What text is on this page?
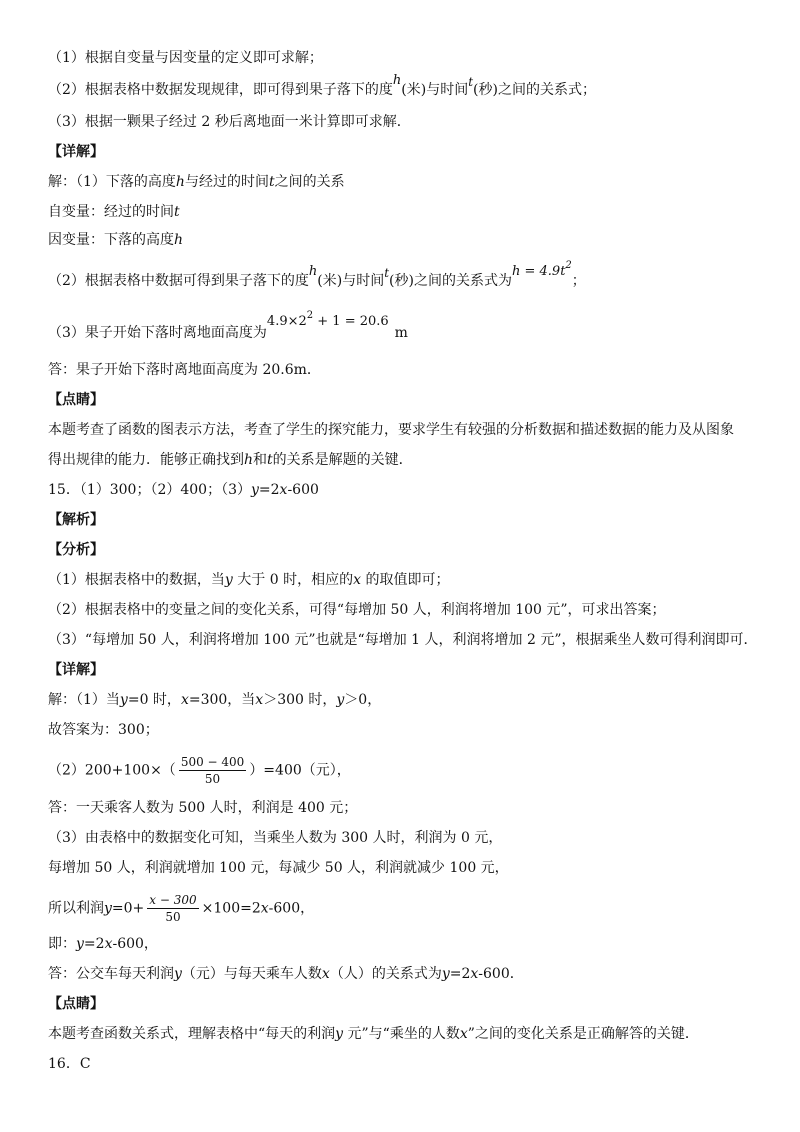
（1）根据自变量与因变量的定义即可求解；
（2）根据表格中数据发现规律，即可得到果子落下的度h(米)与时间t(秒)之间的关系式；
（3）根据一颗果子经过 2 秒后离地面一米计算即可求解．
【详解】
解：（1）下落的高度h与经过的时间t之间的关系
自变量：经过的时间t
因变量：下落的高度h
（2）根据表格中数据可得到果子落下的度h(米)与时间t(秒)之间的关系式为$h = 4.9t^2$；
（3）果子开始下落时离地面高度为$4.9\times 2^2 + 1 = 20.6m$
答：果子开始下落时离地面高度为 20.6m．
【点睛】
本题考查了函数的图表示方法，考查了学生的探究能力，要求学生有较强的分析数据和描述数据的能力及从图象
得出规律的能力．能够正确找到h和t的关系是解题的关键．
15．（1）300；（2）400；（3）y=2x-600
【解析】
【分析】
（1）根据表格中的数据，当y 大于 0 时，相应的x 的取值即可；
（2）根据表格中的变量之间的变化关系，可得“每增加 50 人，利润将增加 100 元”，可求出答案；
（3）“每增加 50 人，利润将增加 100 元”也就是“每增加 1 人，利润将增加 2 元”，根据乘坐人数可得利润即可．
【详解】
解：（1）当y=0 时，x=300，当x＞300 时，y＞0，
故答案为：300；
$(2)200+100\times( \frac{500 - 400}{50} )=400$（元），
答：一天乘客人数为 500 人时，利润是 400 元；
（3）由表格中的数据变化可知，当乘坐人数为 300 人时，利润为 0 元，
每增加 50 人，利润就增加 100 元，每减少 50 人，利润就减少 100 元，
所以利润$y=0+ \frac{x - 300}{50} \times 100=2x-600$，
即：y=2x-600，
答：公交车每天利润y（元）与每天乘车人数x（人）的关系式为y=2x-600．
【点睛】
本题考查函数关系式，理解表格中“每天的利润y 元”与“乘坐的人数x”之间的变化关系是正确解答的关键．
16．C
